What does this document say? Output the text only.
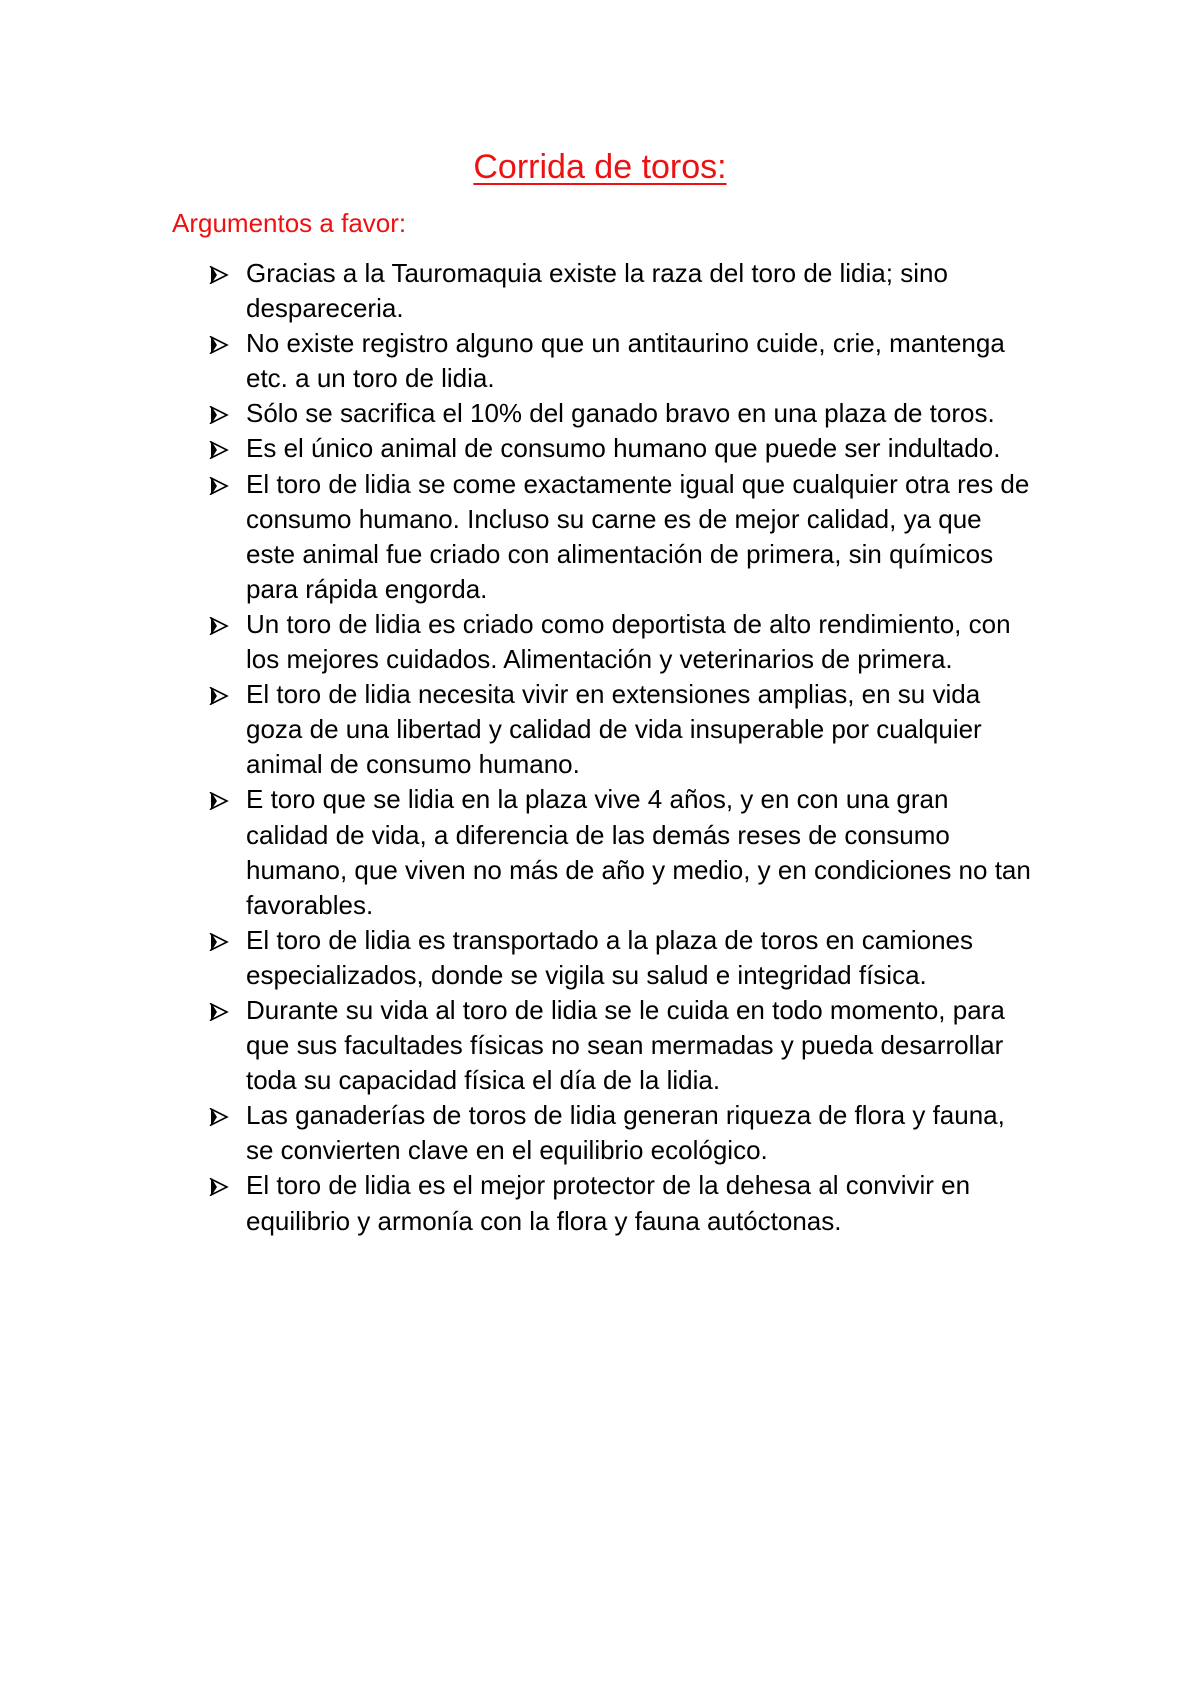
Corrida de toros:
Argumentos a favor:
Gracias a la Tauromaquia existe la raza del toro de lidia; sino despareceria.
No existe registro alguno que un antitaurino cuide, crie, mantenga etc. a un toro de lidia.
Sólo se sacrifica el 10% del ganado bravo en una plaza de toros.
Es el único animal de consumo humano que puede ser indultado.
El toro de lidia se come exactamente igual que cualquier otra res de consumo humano. Incluso su carne es de mejor calidad, ya que este animal fue criado con alimentación de primera, sin químicos para rápida engorda.
Un toro de lidia es criado como deportista de alto rendimiento, con los mejores cuidados. Alimentación y veterinarios de primera.
El toro de lidia necesita vivir en extensiones amplias, en su vida goza de una libertad y calidad de vida insuperable por cualquier animal de consumo humano.
E toro que se lidia en la plaza vive 4 años, y en con una gran calidad de vida, a diferencia de las demás reses de consumo humano, que viven no más de año y medio, y en condiciones no tan favorables.
El toro de lidia es transportado a la plaza de toros en camiones especializados, donde se vigila su salud e integridad física.
Durante su vida al toro de lidia se le cuida en todo momento, para que sus facultades físicas no sean mermadas y pueda desarrollar toda su capacidad física el día de la lidia.
Las ganaderías de toros de lidia generan riqueza de flora y fauna, se convierten clave en el equilibrio ecológico.
El toro de lidia es el mejor protector de la dehesa al convivir en equilibrio y armonía con la flora y fauna autóctonas.
